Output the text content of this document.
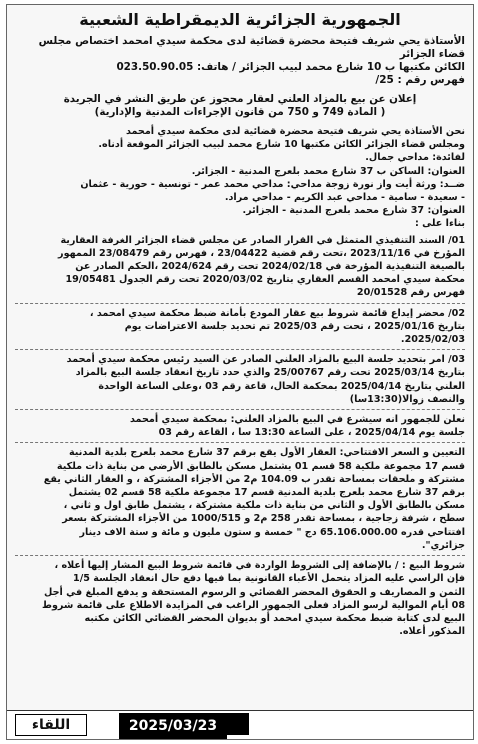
الجمهورية الجزائرية الديمقراطية الشعبية
الأستاذة يحي شريف فتيحة محضرة قضائية لدى محكمة سيدي امحمد اختصاص مجلس
قضاء الجزائر
الكائن مكتبها ب 10 شارع محمد لبيب الجزائر / هاتف: 023.50.90.05
فهرس رقم : 25/
إعلان عن بيع بالمزاد العلني لعقار محجوز عن طريق النشر في الجريدة
( المادة 749 و 750 من قانون الإجراءات المدنية والإدارية)

نحن الأستاذة يحي شريف فتيحة محضرة قضائية لدى محكمة سيدي أمحمد

ومجلس قضاء الجزائر الكائن مكتبها 10 شارع محمد لبيب الجزائر الموقعة أدناه.

لفائدة: مداحي جمال.

العنوان: الساكن ب 37 شارع محمد بلعرج المدنية - الجزائر.

ضــد: ورثة أيت واز نورة زوجة مداحي: مداحي محمد عمر - تونسية - حورية - عثمان

- سعيدة - سامية - مداحي عبد الكريم - مداحي مراد.

العنوان: 37 شارع محمد بلعرج المدنية - الجزائر.

بناءا على :

01/ السند التنفيذي المتمثل في القرار الصادر عن مجلس قضاء الجزائر الغرفة العقارية

المؤرخ في 2023/11/16 ،تحت رقم قضية 23/04422 ، فهرس رقم 23/08479 الممهور

بالصيغة التنفيذية المؤرخة في 2024/02/18 تحت رقم 2024/624 ،الحكم الصادر عن

محكمة سيدي امحمد القسم العقاري بتاريخ 2020/03/02 تحت رقم الجدول 19/05481

فهرس رقم 20/01528

02/ محضر إيداع قائمة شروط بيع عقار المودع بأمانة ضبط محكمة سيدي امحمد ،

بتاريخ 2025/01/16 ، تحت رقم 2025/03 تم تحديد جلسة الاعتراضات يوم

2025/02/03.

03/ امر بتحديد جلسة البيع بالمزاد العلني الصادر عن السيد رئيس محكمة سيدي أمحمد

بتاريخ 2025/03/14 تحت رقم 25/00767 والذي حدد تاريخ انعقاد جلسة البيع بالمزاد

العلني بتاريخ 2025/04/14 بمحكمة الحال، قاعة رقم 03 ،وعلى الساعة الواحدة

والنصف زوالا(13:30سا)

نعلن للجمهور انه سيشرع في البيع بالمزاد العلني: بمحكمة سيدي أمحمد

جلسة يوم 2025/04/14 ، على الساعة 13:30 سا ، القاعة رقم 03

التعيين و السعر الافتتاحي: العقار الأول يقع برقم 37 شارع محمد بلعرج بلدية المدنية

قسم 17 مجموعة ملكية 58 قسم 01 يشتمل مسكن بالطابق الأرضي من بناية ذات ملكية

مشتركة و ملحقات بمساحة تقدر ب 104.09 م2 من الأجزاء المشتركة ، و العقار الثاني يقع

برقم 37 شارع محمد بلعرج بلدية المدنية قسم 17 مجموعة ملكية 58 قسم 02 يشتمل

مسكن بالطابق الأول و الثاني من بناية ذات ملكية مشتركة ، يشتمل طابق اول و ثاني ،

سطح ، شرفة زجاجية ، بمساحة تقدر 258 م2 و 1000/515 من الأجزاء المشتركة بسعر

افتتاحي قدره 65.106.000.00 دج " خمسة و ستون مليون و مائة و ستة الاف دينار

جزائري".

شروط البيع : / بالإضافة إلى الشروط الواردة في قائمة شروط البيع المشار إليها أعلاه ،

فإن الراسي عليه المزاد يتحمل الأعباء القانونية بما فيها دفع حال انعقاد الجلسة 1/5

الثمن و المصاريف و الحقوق المحضر القضائي و الرسوم المستحقة و يدفع المبلغ في أجل

08 أيام الموالية لرسو المزاد فعلى الجمهور الراغب في المزايدة الاطلاع على قائمة شروط

البيع لدى كتابة ضبط محكمة سيدي امحمد أو بديوان المحضر القضائي الكائن مكتبه

المذكور أعلاه.

اللقاء	2025/03/23
